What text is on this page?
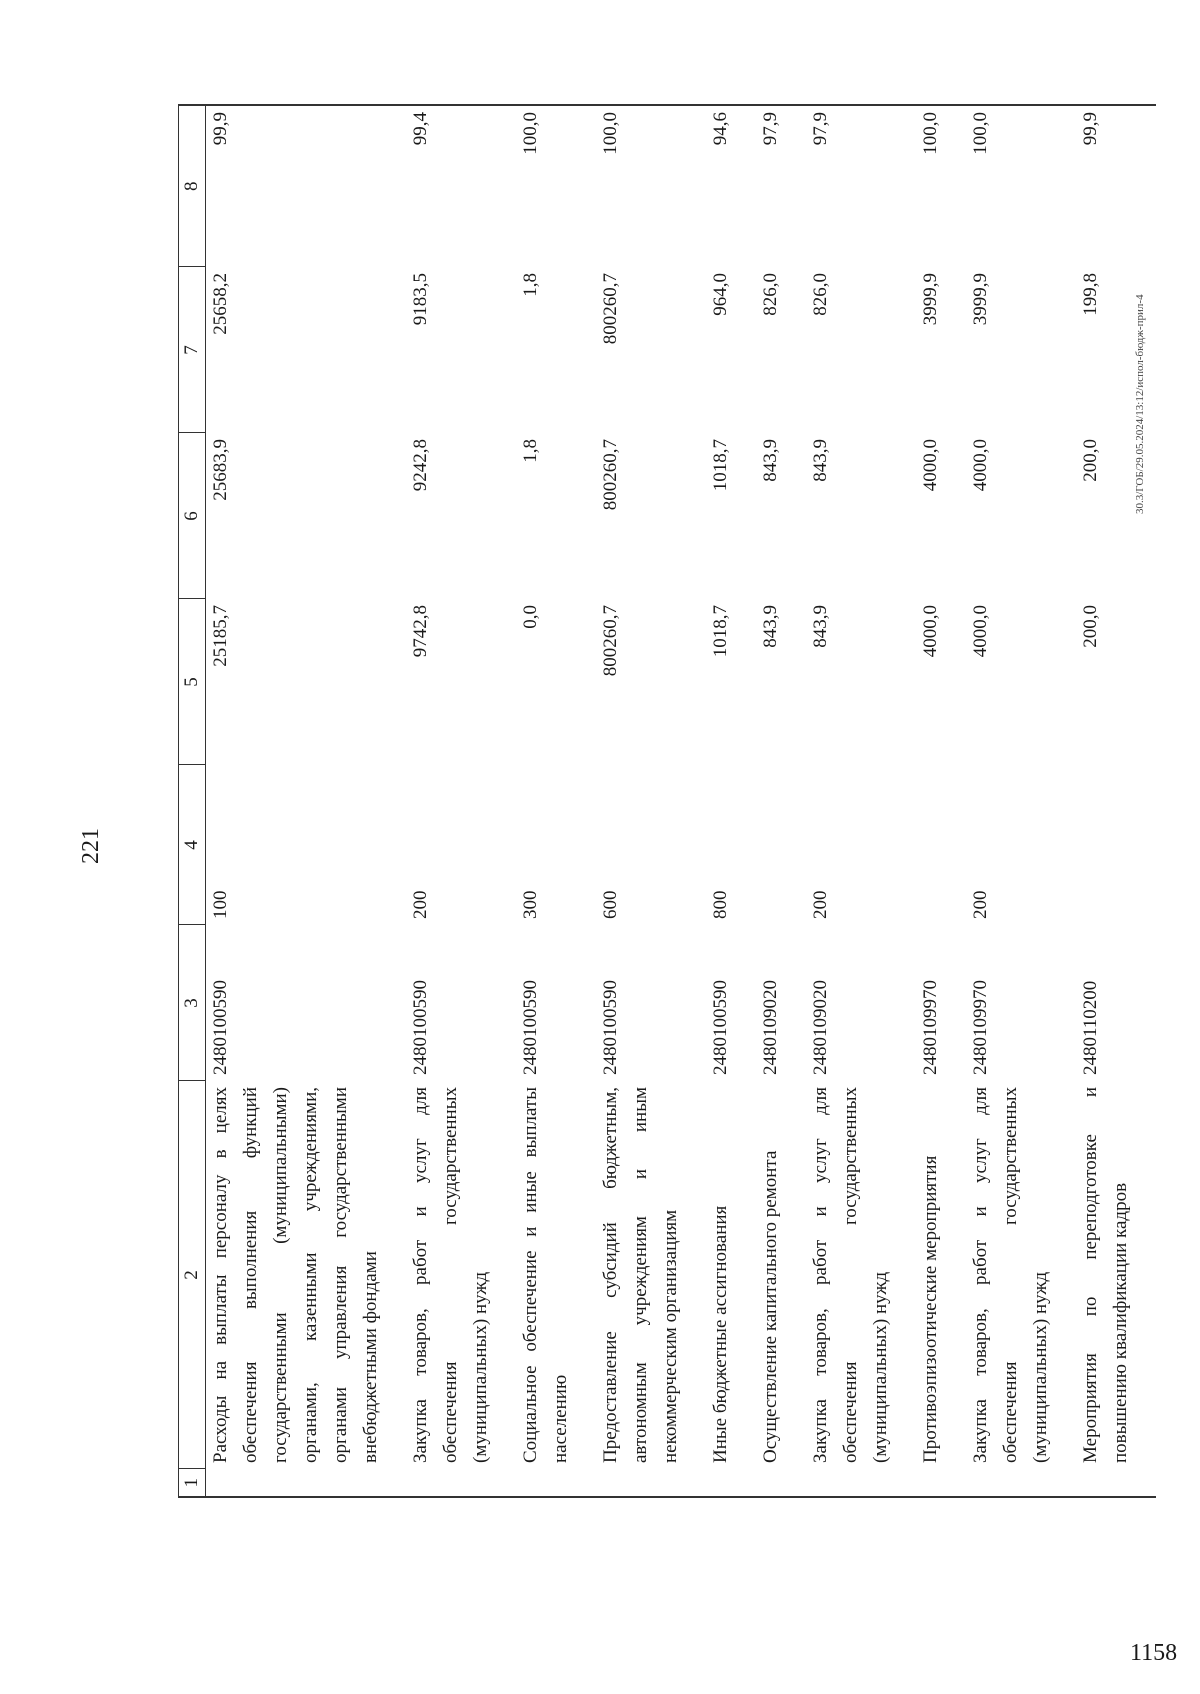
221
1	2	3	4	5	6	7	8
	Расходы на выплаты персоналу в целях обеспечения выполнения функций государственными (муниципальными) органами, казенными учреждениями, органами управления государственными внебюджетными фондами	2480100590	100	25185,7	25683,9	25658,2	99,9
	Закупка товаров, работ и услуг для обеспечения государственных (муниципальных) нужд	2480100590	200	9742,8	9242,8	9183,5	99,4
	Социальное обеспечение и иные выплаты населению	2480100590	300	0,0	1,8	1,8	100,0
	Предоставление субсидий бюджетным, автономным учреждениям и иным некоммерческим организациям	2480100590	600	800260,7	800260,7	800260,7	100,0
	Иные бюджетные ассигнования	2480100590	800	1018,7	1018,7	964,0	94,6
	Осуществление капитального ремонта	2480109020		843,9	843,9	826,0	97,9
	Закупка товаров, работ и услуг для обеспечения государственных (муниципальных) нужд	2480109020	200	843,9	843,9	826,0	97,9
	Противоэпизоотические мероприятия	2480109970		4000,0	4000,0	3999,9	100,0
	Закупка товаров, работ и услуг для обеспечения государственных (муниципальных) нужд	2480109970	200	4000,0	4000,0	3999,9	100,0
	Мероприятия по переподготовке и повышению квалификации кадров	2480110200		200,0	200,0	199,8	99,9
30.3/ГОБ/29.05.2024/13:12/испол-бюдж-прил-4
1158
